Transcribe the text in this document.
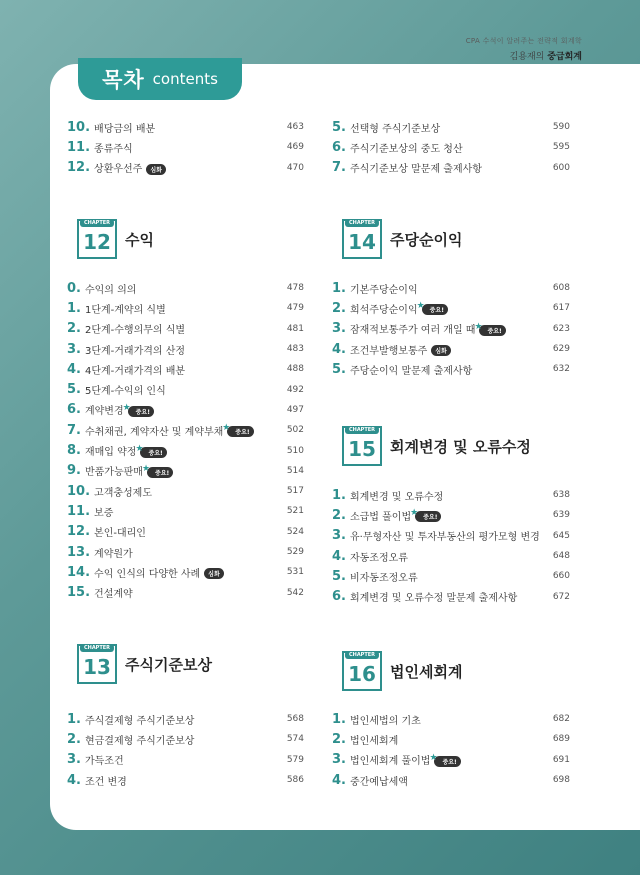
CPA 수석이 알려주는 전략적 회계학
김용재의 중급회계
목차 contents
10. 배당금의 배분	463
11. 종류주식	469
12. 상환우선주 심화	470
CHAPTER
12 수익
0. 수익의 의의	478
1. 1단계-계약의 식별	479
2. 2단계-수행의무의 식별	481
3. 3단계-거래가격의 산정	483
4. 4단계-거래가격의 배분	488
5. 5단계-수익의 인식	492
6. 계약변경 ★ 중요!	497
7. 수취채권, 계약자산 및 계약부채 ★ 중요!	502
8. 재매입 약정 ★ 중요!	510
9. 반품가능판매 ★ 중요!	514
10. 고객충성제도	517
11. 보증	521
12. 본인-대리인	524
13. 계약원가	529
14. 수익 인식의 다양한 사례 심화	531
15. 건설계약	542
CHAPTER
13 주식기준보상
1. 주식결제형 주식기준보상	568
2. 현금결제형 주식기준보상	574
3. 가득조건	579
4. 조건 변경	586
5. 선택형 주식기준보상	590
6. 주식기준보상의 중도 청산	595
7. 주식기준보상 말문제 출제사항	600
CHAPTER
14 주당순이익
1. 기본주당순이익	608
2. 희석주당순이익 ★ 중요!	617
3. 잠재적보통주가 여러 개일 때 ★ 중요!	623
4. 조건부발행보통주 심화	629
5. 주당순이익 말문제 출제사항	632
CHAPTER
15 회계변경 및 오류수정
1. 회계변경 및 오류수정	638
2. 소급법 풀이법 ★ 중요!	639
3. 유·무형자산 및 투자부동산의 평가모형 변경	645
4. 자동조정오류	648
5. 비자동조정오류	660
6. 회계변경 및 오류수정 말문제 출제사항	672
CHAPTER
16 법인세회계
1. 법인세법의 기초	682
2. 법인세회계	689
3. 법인세회계 풀이법 ★ 중요!	691
4. 중간예납세액	698
